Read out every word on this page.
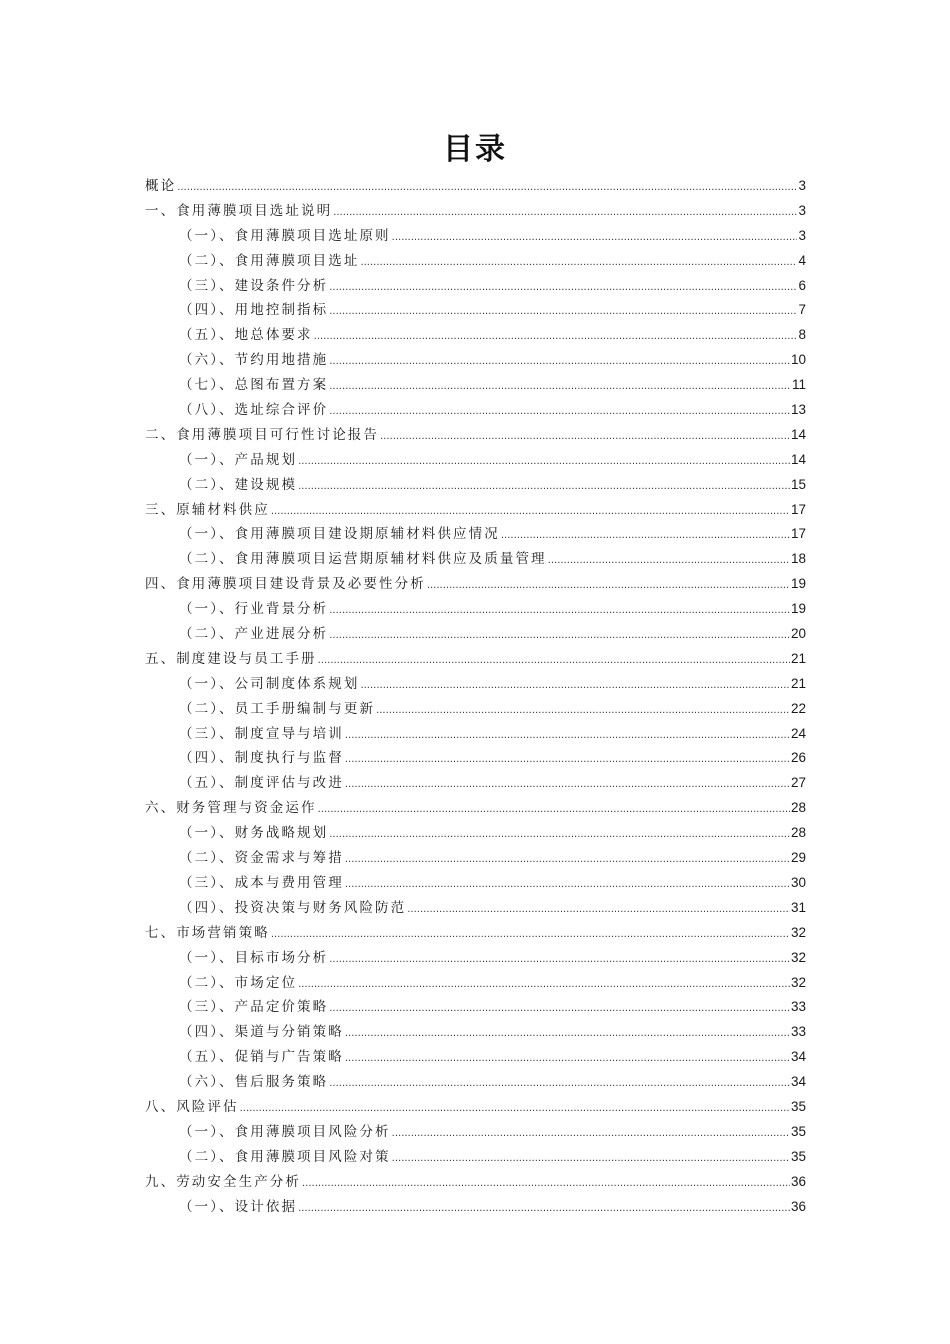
目录
概论 .....	3
一、食用薄膜项目选址说明 .....	3
（一）、食用薄膜项目选址原则 .....	3
（二）、食用薄膜项目选址 .....	4
（三）、建设条件分析 .....	6
（四）、用地控制指标 .....	7
（五）、地总体要求 .....	8
（六）、节约用地措施 .....	10
（七）、总图布置方案 .....	11
（八）、选址综合评价 .....	13
二、食用薄膜项目可行性讨论报告 .....	14
（一）、产品规划 .....	14
（二）、建设规模 .....	15
三、原辅材料供应 .....	17
（一）、食用薄膜项目建设期原辅材料供应情况 .....	17
（二）、食用薄膜项目运营期原辅材料供应及质量管理 .....	18
四、食用薄膜项目建设背景及必要性分析 .....	19
（一）、行业背景分析 .....	19
（二）、产业进展分析 .....	20
五、制度建设与员工手册 .....	21
（一）、公司制度体系规划 .....	21
（二）、员工手册编制与更新 .....	22
（三）、制度宣导与培训 .....	24
（四）、制度执行与监督 .....	26
（五）、制度评估与改进 .....	27
六、财务管理与资金运作 .....	28
（一）、财务战略规划 .....	28
（二）、资金需求与筹措 .....	29
（三）、成本与费用管理 .....	30
（四）、投资决策与财务风险防范 .....	31
七、市场营销策略 .....	32
（一）、目标市场分析 .....	32
（二）、市场定位 .....	32
（三）、产品定价策略 .....	33
（四）、渠道与分销策略 .....	33
（五）、促销与广告策略 .....	34
（六）、售后服务策略 .....	34
八、风险评估 .....	35
（一）、食用薄膜项目风险分析 .....	35
（二）、食用薄膜项目风险对策 .....	35
九、劳动安全生产分析 .....	36
（一）、设计依据 .....	36
